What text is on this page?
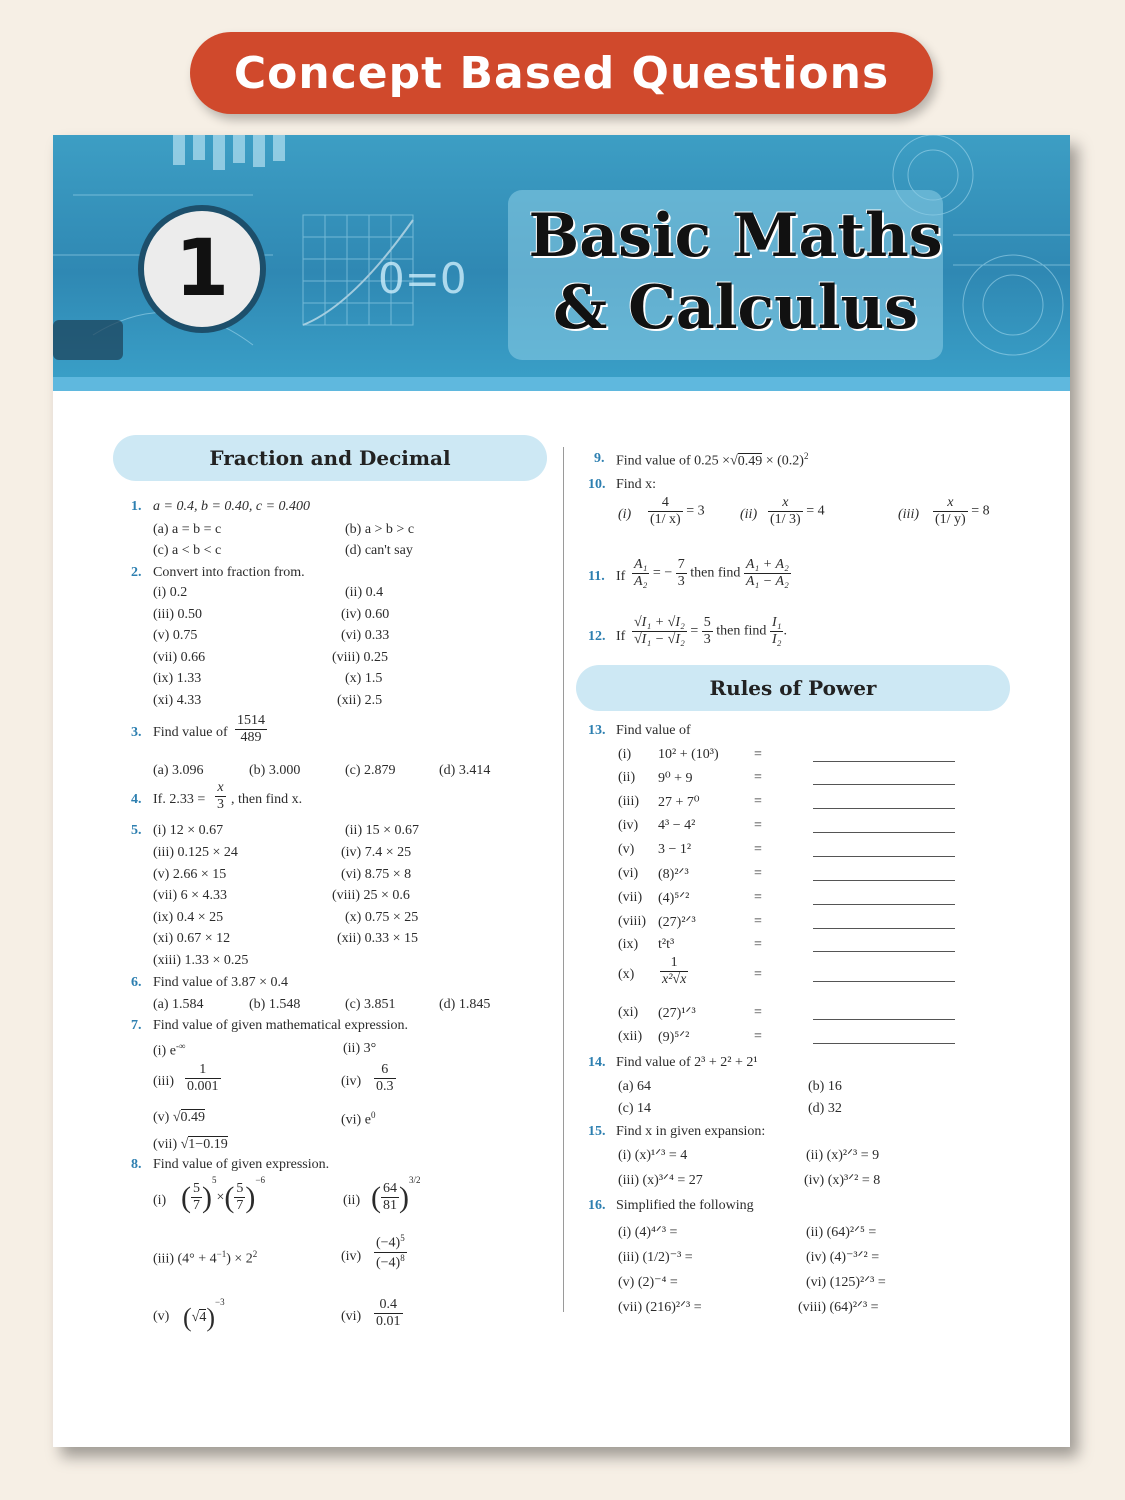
Concept Based Questions
0=0
1	Basic Maths
& Calculus
Fraction and Decimal
1. a = 0.4, b = 0.40, c = 0.400
(a) a = b = c	(b) a > b > c
(c) a < b < c	(d) can't say
2. Convert into fraction from.
(i) 0.2	(ii) 0.4
(iii) 0.50	(iv) 0.60
(v) 0.75	(vi) 0.33
(vii) 0.66	(viii) 0.25
(ix) 1.33	(x) 1.5
(xi) 4.33	(xii) 2.5
3. Find value of $\frac{1514}{489}$
(a) 3.096	(b) 3.000	(c) 2.879	(d) 3.414
4. If. $2.33 = \frac{x}{3}$ , then find x.
5. (i) 12 × 0.67	(ii) 15 × 0.67
(iii) 0.125 × 24	(iv) 7.4 × 25
(v) 2.66 × 15	(vi) 8.75 × 8
(vii) 6 × 4.33	(viii) 25 × 0.6
(ix) 0.4 × 25	(x) 0.75 × 25
(xi) 0.67 × 12	(xii) 0.33 × 15
(xiii) 1.33 × 0.25
6. Find value of 3.87 × 0.4
(a) 1.584	(b) 1.548	(c) 3.851	(d) 1.845
7. Find value of given mathematical expression.
(i) e-∞	(ii) 3°
$(iii) \frac{1}{0.001}$	$(iv) \frac{6}{0.3}$
(v) √0.49	(vi) $e^0$
(vii) √1−0.19
8. Find value of given expression.
(i) ( $\frac{5}{7} )^5\times( \frac{5}{7} )^{-6}$
(ii) ( $\frac{64}{81} )^{3/2}$
(iii) $(4^\circ + 4^{-1}) \times 2^2$	$(iv) \frac{(-4)^5}{(-4)^8}$
(v) $(√4)^{-3}$
$(vi) \frac{0.4}{0.01}$
9. Find value of $0.25 \times√0.49 \times (0.2)^2$
10. Find x:
$(i) \frac{4}{(1/ x)} = 3$	$(ii) \frac{x}{(1/ 3)} = 4$	$(iii) \frac{x}{(1/ y)} = 8$
11. If $\frac{\text{A₁}}{\text{A₂}}$ = − $\frac{7}{3}$ then find $\frac{\text{A₁ + A₂}}{\text{A₁ − A₂}}$
12. If $\frac{\text{√I₁ + √I₂}}{\text{√I₁ − √I₂}} = \frac{5}{3}$ then find $\frac{\text{I₁}}{\text{I₂}}$ .
Rules of Power
13. Find value of
(i) 10² + (10³)	=
(ii) 9⁰ + 9	=
(iii) 27 + 7⁰	=
(iv) 4³ − 4²	=
(v) 3 − 1²	=
(vi) (8)²ᐟ³	=
(vii) (4)⁵ᐟ²	=
(viii) (27)²ᐟ³	=
(ix) t²t³	=
$(x) \frac{1}{\text{x²√x}}$	=
(xi) (27)¹ᐟ³	=
(xii) (9)⁵ᐟ²	=
14. Find value of 2³ + 2² + 2¹
(a) 64	(b) 16
(c) 14	(d) 32
15. Find x in given expansion:
(i) (x)¹ᐟ³ = 4	(ii) (x)²ᐟ³ = 9
(iii) (x)³ᐟ⁴ = 27	(iv) (x)³ᐟ² = 8
16. Simplified the following
(i) (4)⁴ᐟ³ =	(ii) (64)²ᐟ⁵ =
(iii) (1/2)⁻³ =	(iv) (4)⁻³ᐟ² =
(v) (2)⁻⁴ =	(vi) (125)²ᐟ³ =
(vii) (216)²ᐟ³ =	(viii) (64)²ᐟ³ =
